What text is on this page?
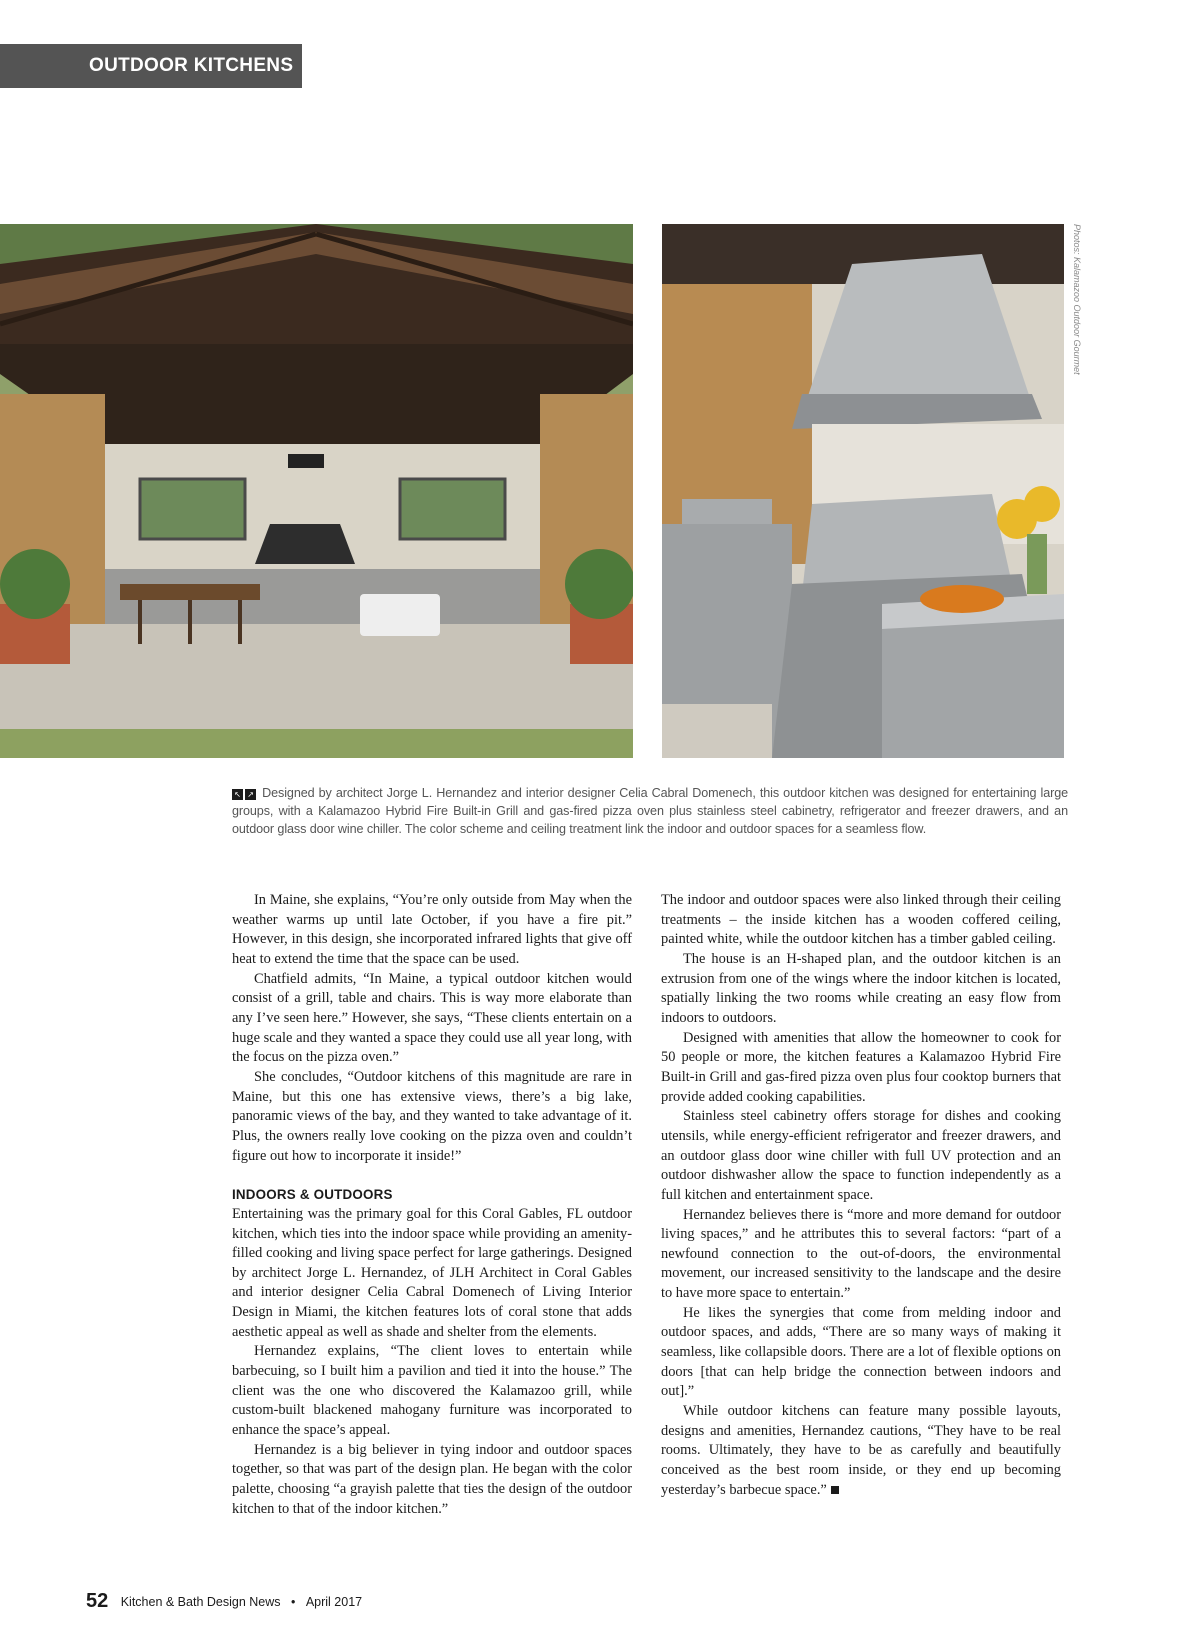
OUTDOOR KITCHENS
Photos: Kalamazoo Outdoor Gourmet
↖ ↗ Designed by architect Jorge L. Hernandez and interior designer Celia Cabral Domenech, this outdoor kitchen was designed for entertaining large groups, with a Kalamazoo Hybrid Fire Built-in Grill and gas-fired pizza oven plus stainless steel cabinetry, refrigerator and freezer drawers, and an outdoor glass door wine chiller. The color scheme and ceiling treatment link the indoor and outdoor spaces for a seamless flow.

In Maine, she explains, “You’re only outside from May when the weather warms up until late October, if you have a fire pit.” However, in this design, she incorporated infrared lights that give off heat to extend the time that the space can be used.

Chatfield admits, “In Maine, a typical outdoor kitchen would consist of a grill, table and chairs. This is way more elaborate than any I’ve seen here.” However, she says, “These clients entertain on a huge scale and they wanted a space they could use all year long, with the focus on the pizza oven.”

She concludes, “Outdoor kitchens of this magnitude are rare in Maine, but this one has extensive views, there’s a big lake, panoramic views of the bay, and they wanted to take advantage of it. Plus, the owners really love cooking on the pizza oven and couldn’t figure out how to incorporate it inside!”

INDOORS & OUTDOORS

Entertaining was the primary goal for this Coral Gables, FL outdoor kitchen, which ties into the indoor space while providing an amenity-filled cooking and living space perfect for large gatherings. Designed by architect Jorge L. Hernandez, of JLH Architect in Coral Gables and interior designer Celia Cabral Domenech of Living Interior Design in Miami, the kitchen features lots of coral stone that adds aesthetic appeal as well as shade and shelter from the elements.

Hernandez explains, “The client loves to entertain while barbecuing, so I built him a pavilion and tied it into the house.” The client was the one who discovered the Kalamazoo grill, while custom-built blackened mahogany furniture was incorporated to enhance the space’s appeal.

Hernandez is a big believer in tying indoor and outdoor spaces together, so that was part of the design plan. He began with the color palette, choosing “a grayish palette that ties the design of the outdoor kitchen to that of the indoor kitchen.”

The indoor and outdoor spaces were also linked through their ceiling treatments – the inside kitchen has a wooden coffered ceiling, painted white, while the outdoor kitchen has a timber gabled ceiling.

The house is an H-shaped plan, and the outdoor kitchen is an extrusion from one of the wings where the indoor kitchen is located, spatially linking the two rooms while creating an easy flow from indoors to outdoors.

Designed with amenities that allow the homeowner to cook for 50 people or more, the kitchen features a Kalamazoo Hybrid Fire Built-in Grill and gas-fired pizza oven plus four cooktop burners that provide added cooking capabilities.

Stainless steel cabinetry offers storage for dishes and cooking utensils, while energy-efficient refrigerator and freezer drawers, and an outdoor glass door wine chiller with full UV protection and an outdoor dishwasher allow the space to function independently as a full kitchen and entertainment space.

Hernandez believes there is “more and more demand for outdoor living spaces,” and he attributes this to several factors: “part of a newfound connection to the out-of-doors, the environmental movement, our increased sensitivity to the landscape and the desire to have more space to entertain.”

He likes the synergies that come from melding indoor and outdoor spaces, and adds, “There are so many ways of making it seamless, like collapsible doors. There are a lot of flexible options on doors [that can help bridge the connection between indoors and out].”

While outdoor kitchens can feature many possible layouts, designs and amenities, Hernandez cautions, “They have to be real rooms. Ultimately, they have to be as carefully and beautifully conceived as the best room inside, or they end up becoming yesterday’s barbecue space.”

52 Kitchen & Bath Design News • April 2017
